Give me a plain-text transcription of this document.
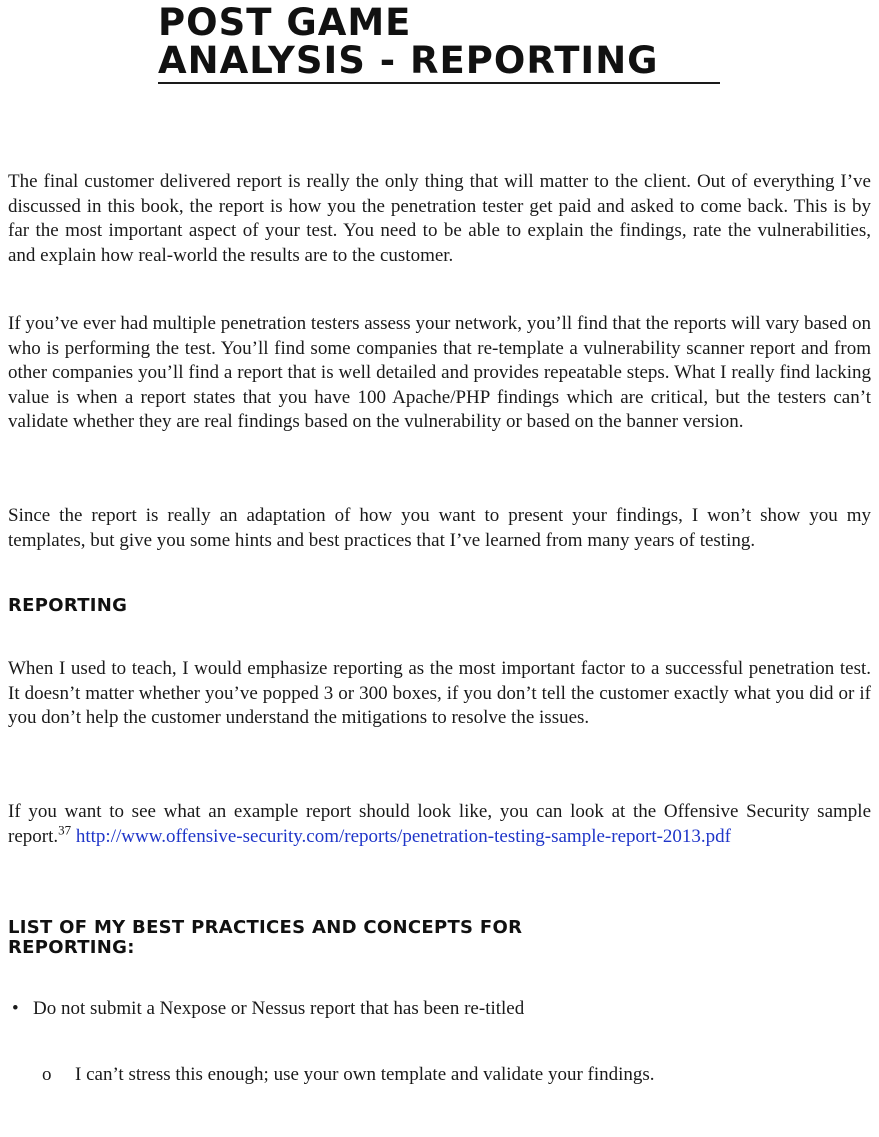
POST GAME
ANALYSIS - REPORTING

The final customer delivered report is really the only thing that will matter to the client. Out of everything I’ve discussed in this book, the report is how you the penetration tester get paid and asked to come back. This is by far the most important aspect of your test. You need to be able to explain the findings, rate the vulnerabilities, and explain how real-world the results are to the customer.

If you’ve ever had multiple penetration testers assess your network, you’ll find that the reports will vary based on who is performing the test. You’ll find some companies that re-template a vulnerability scanner report and from other companies you’ll find a report that is well detailed and provides repeatable steps. What I really find lacking value is when a report states that you have 100 Apache/PHP findings which are critical, but the testers can’t validate whether they are real findings based on the vulnerability or based on the banner version.

Since the report is really an adaptation of how you want to present your findings, I won’t show you my templates, but give you some hints and best practices that I’ve learned from many years of testing.

REPORTING

When I used to teach, I would emphasize reporting as the most important factor to a successful penetration test. It doesn’t matter whether you’ve popped 3 or 300 boxes, if you don’t tell the customer exactly what you did or if you don’t help the customer understand the mitigations to resolve the issues.

If you want to see what an example report should look like, you can look at the Offensive Security sample report.$^{37}$ http://www.offensive-security.com/reports/penetration-testing-sample-report-2013.pdf

LIST OF MY BEST PRACTICES AND CONCEPTS FOR
REPORTING:
• Do not submit a Nexpose or Nessus report that has been re-titled
o I can’t stress this enough; use your own template and validate your findings.
